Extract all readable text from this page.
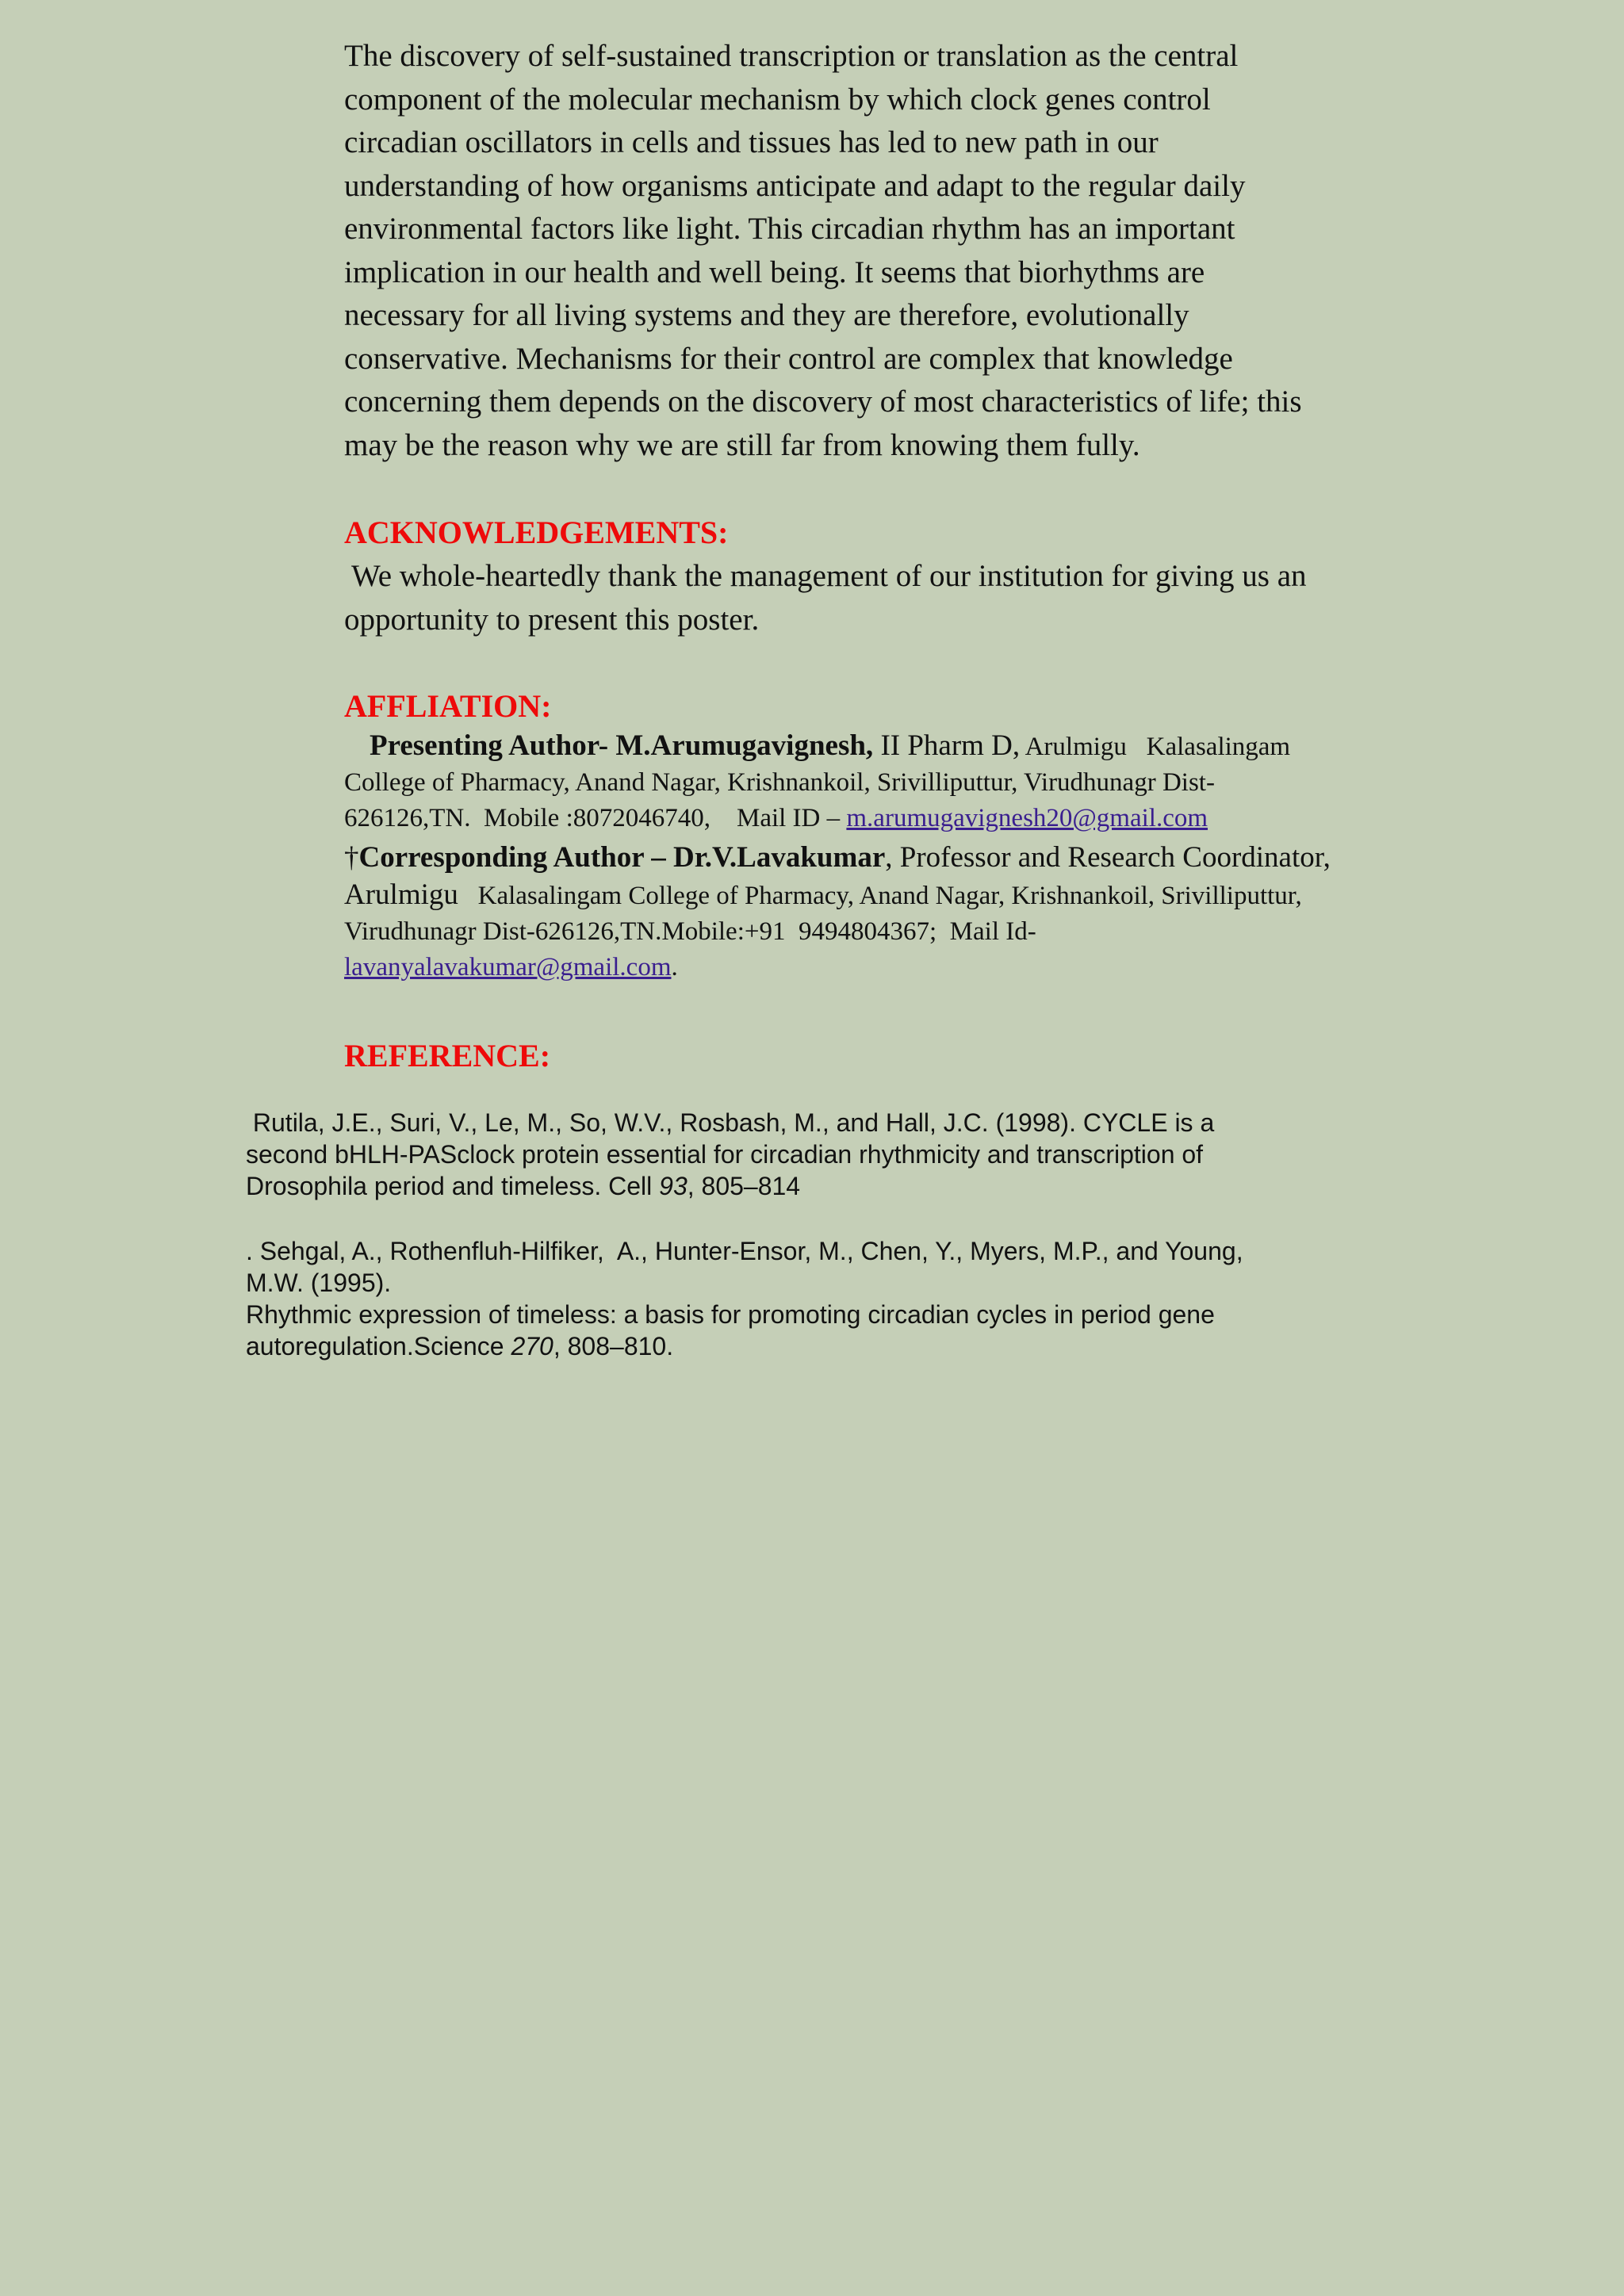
The discovery of self-sustained transcription or translation as the central
component of the molecular mechanism by which clock genes control
circadian oscillators in cells and tissues has led to new path in our
understanding of how organisms anticipate and adapt to the regular daily
environmental factors like light. This circadian rhythm has an important
implication in our health and well being. It seems that biorhythms are
necessary for all living systems and they are therefore, evolutionally
conservative. Mechanisms for their control are complex that knowledge
concerning them depends on the discovery of most characteristics of life; this
may be the reason why we are still far from knowing them fully.

ACKNOWLEDGEMENTS:

We whole-heartedly thank the management of our institution for giving us an
opportunity to present this poster.

AFFLIATION:

Presenting Author- M.Arumugavignesh, II Pharm D, Arulmigu   Kalasalingam

College of Pharmacy, Anand Nagar, Krishnankoil, Srivilliputtur, Virudhunagr Dist-

626126,TN.  Mobile :8072046740,    Mail ID – m.arumugavignesh20@gmail.com

†Corresponding Author – Dr.V.Lavakumar, Professor and Research Coordinator,

Arulmigu   Kalasalingam College of Pharmacy, Anand Nagar, Krishnankoil, Srivilliputtur,

Virudhunagr Dist-626126,TN.Mobile:+91  9494804367;  Mail Id-

lavanyalavakumar@gmail.com.

REFERENCE:

Rutila, J.E., Suri, V., Le, M., So, W.V., Rosbash, M., and Hall, J.C. (1998). CYCLE is a
second bHLH-PASclock protein essential for circadian rhythmicity and transcription of
Drosophila period and timeless. Cell 93, 805–814

. Sehgal, A., Rothenfluh-Hilfiker,  A., Hunter-Ensor, M., Chen, Y., Myers, M.P., and Young,
M.W. (1995).
Rhythmic expression of timeless: a basis for promoting circadian cycles in period gene
autoregulation.Science 270, 808–810.
